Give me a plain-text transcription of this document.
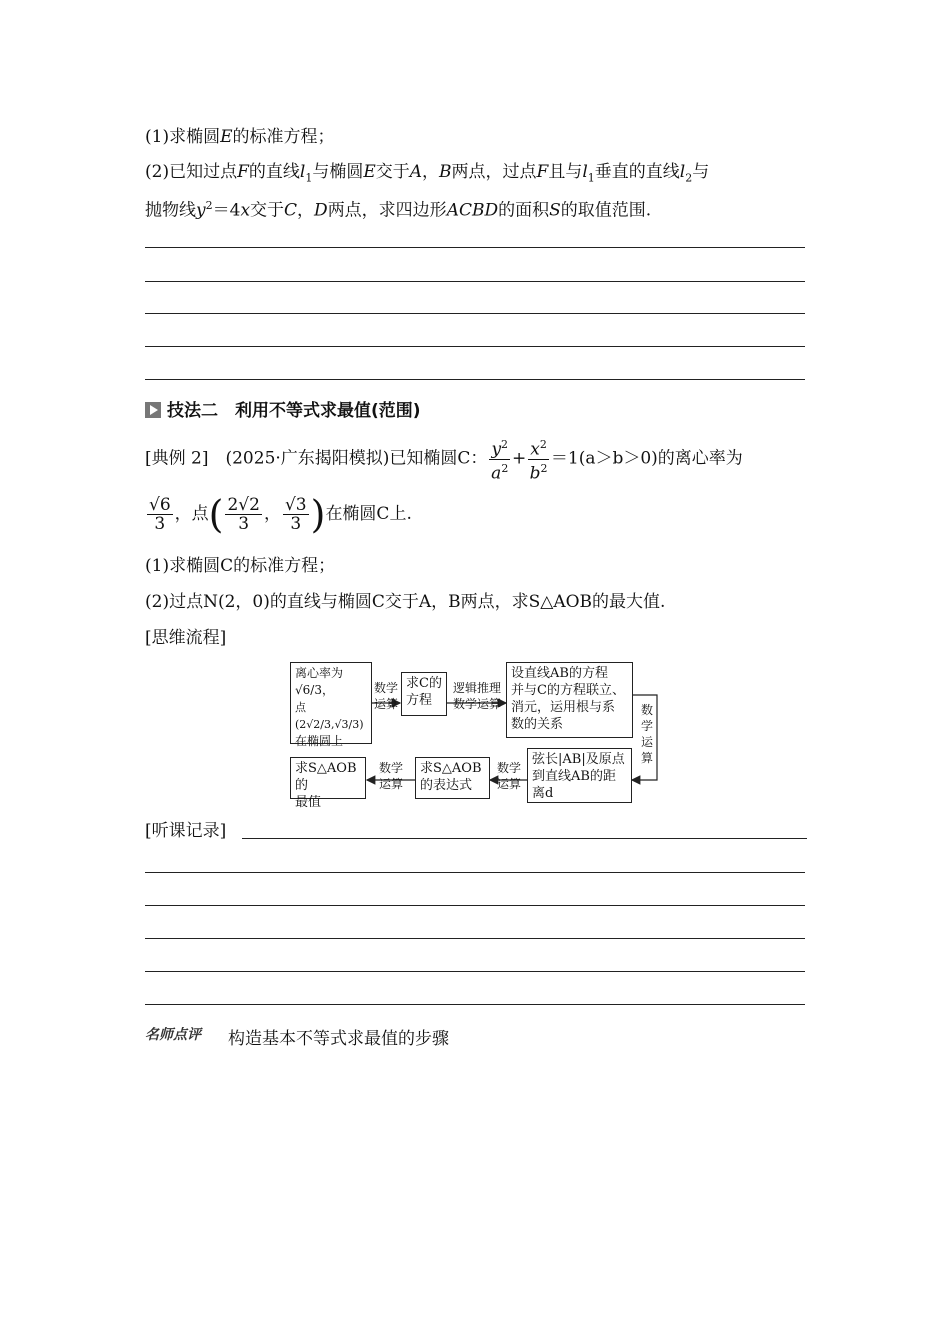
(1)求椭圆E的标准方程；
(2)已知过点F的直线$l_1$与椭圆E交于A，B两点，过点F且与$l_1$垂直的直线$l_2$与
抛物线$y^2=4x$交于C，D两点，求四边形ACBD的面积S的取值范围.
技法二　利用不等式求最值(范围)
[典例 2]　 (2025·广东揭阳模拟)已知椭圆C： $\frac{y^2}{a^2} + \frac{x^2}{b^2} =1(a>b>0)$的离心率为
$\frac{√6}{3}$ ，点( $\frac{2√2}{3}$ ， $\frac{√3}{3}$ )在椭圆C上.
(1)求椭圆C的标准方程；
(2)过点N(2，0)的直线与椭圆C交于A，B两点，求S△AOB的最大值.
[思维流程]
离心率为√6/3，
点(2√2/3,√3/3)
在椭圆上
数学
运算
求C的
方程
逻辑推理
数学运算
设直线AB的方程
并与C的方程联立、
消元，运用根与系
数的关系
数
学
运
算
弦长|AB|及原点
到直线AB的距
离d
数学
运算
求S△AOB
的表达式
数学
运算
求S△AOB的
最值
[听课记录]
名师点评 构造基本不等式求最值的步骤
